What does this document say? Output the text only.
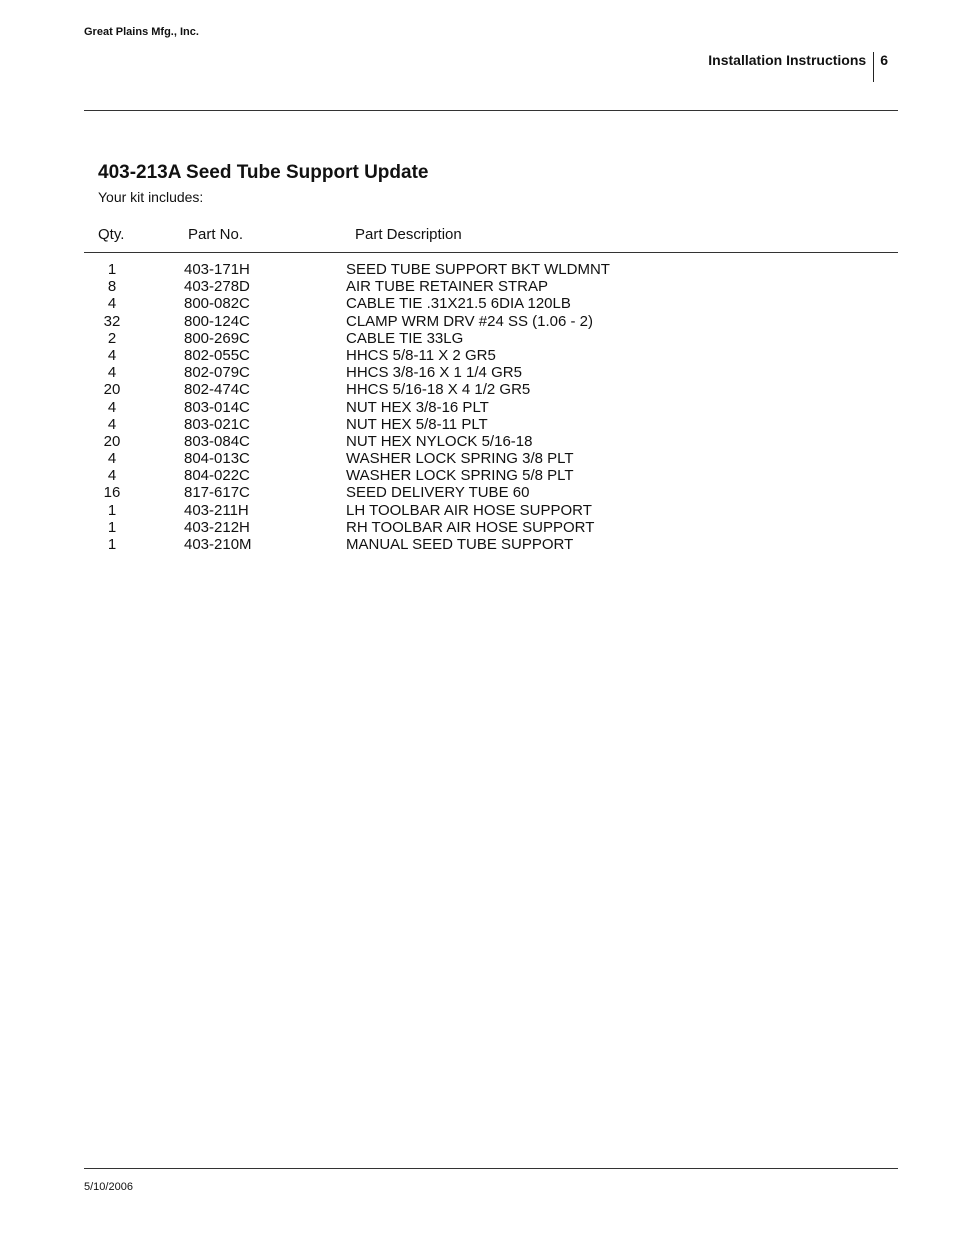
Great Plains Mfg., Inc.
Installation Instructions 6
403-213A Seed Tube Support Update
Your kit includes:
Qty.	Part No.	Part Description
1	403-171H	SEED TUBE SUPPORT BKT WLDMNT
8	403-278D	AIR TUBE RETAINER STRAP
4	800-082C	CABLE TIE .31X21.5 6DIA 120LB
32	800-124C	CLAMP WRM DRV #24 SS (1.06 - 2)
2	800-269C	CABLE TIE 33LG
4	802-055C	HHCS 5/8-11 X 2 GR5
4	802-079C	HHCS 3/8-16 X 1 1/4 GR5
20	802-474C	HHCS 5/16-18 X 4 1/2 GR5
4	803-014C	NUT HEX 3/8-16 PLT
4	803-021C	NUT HEX 5/8-11 PLT
20	803-084C	NUT HEX NYLOCK 5/16-18
4	804-013C	WASHER LOCK SPRING 3/8 PLT
4	804-022C	WASHER LOCK SPRING 5/8 PLT
16	817-617C	SEED DELIVERY TUBE 60
1	403-211H	LH TOOLBAR AIR HOSE SUPPORT
1	403-212H	RH TOOLBAR AIR HOSE SUPPORT
1	403-210M	MANUAL SEED TUBE SUPPORT
5/10/2006
